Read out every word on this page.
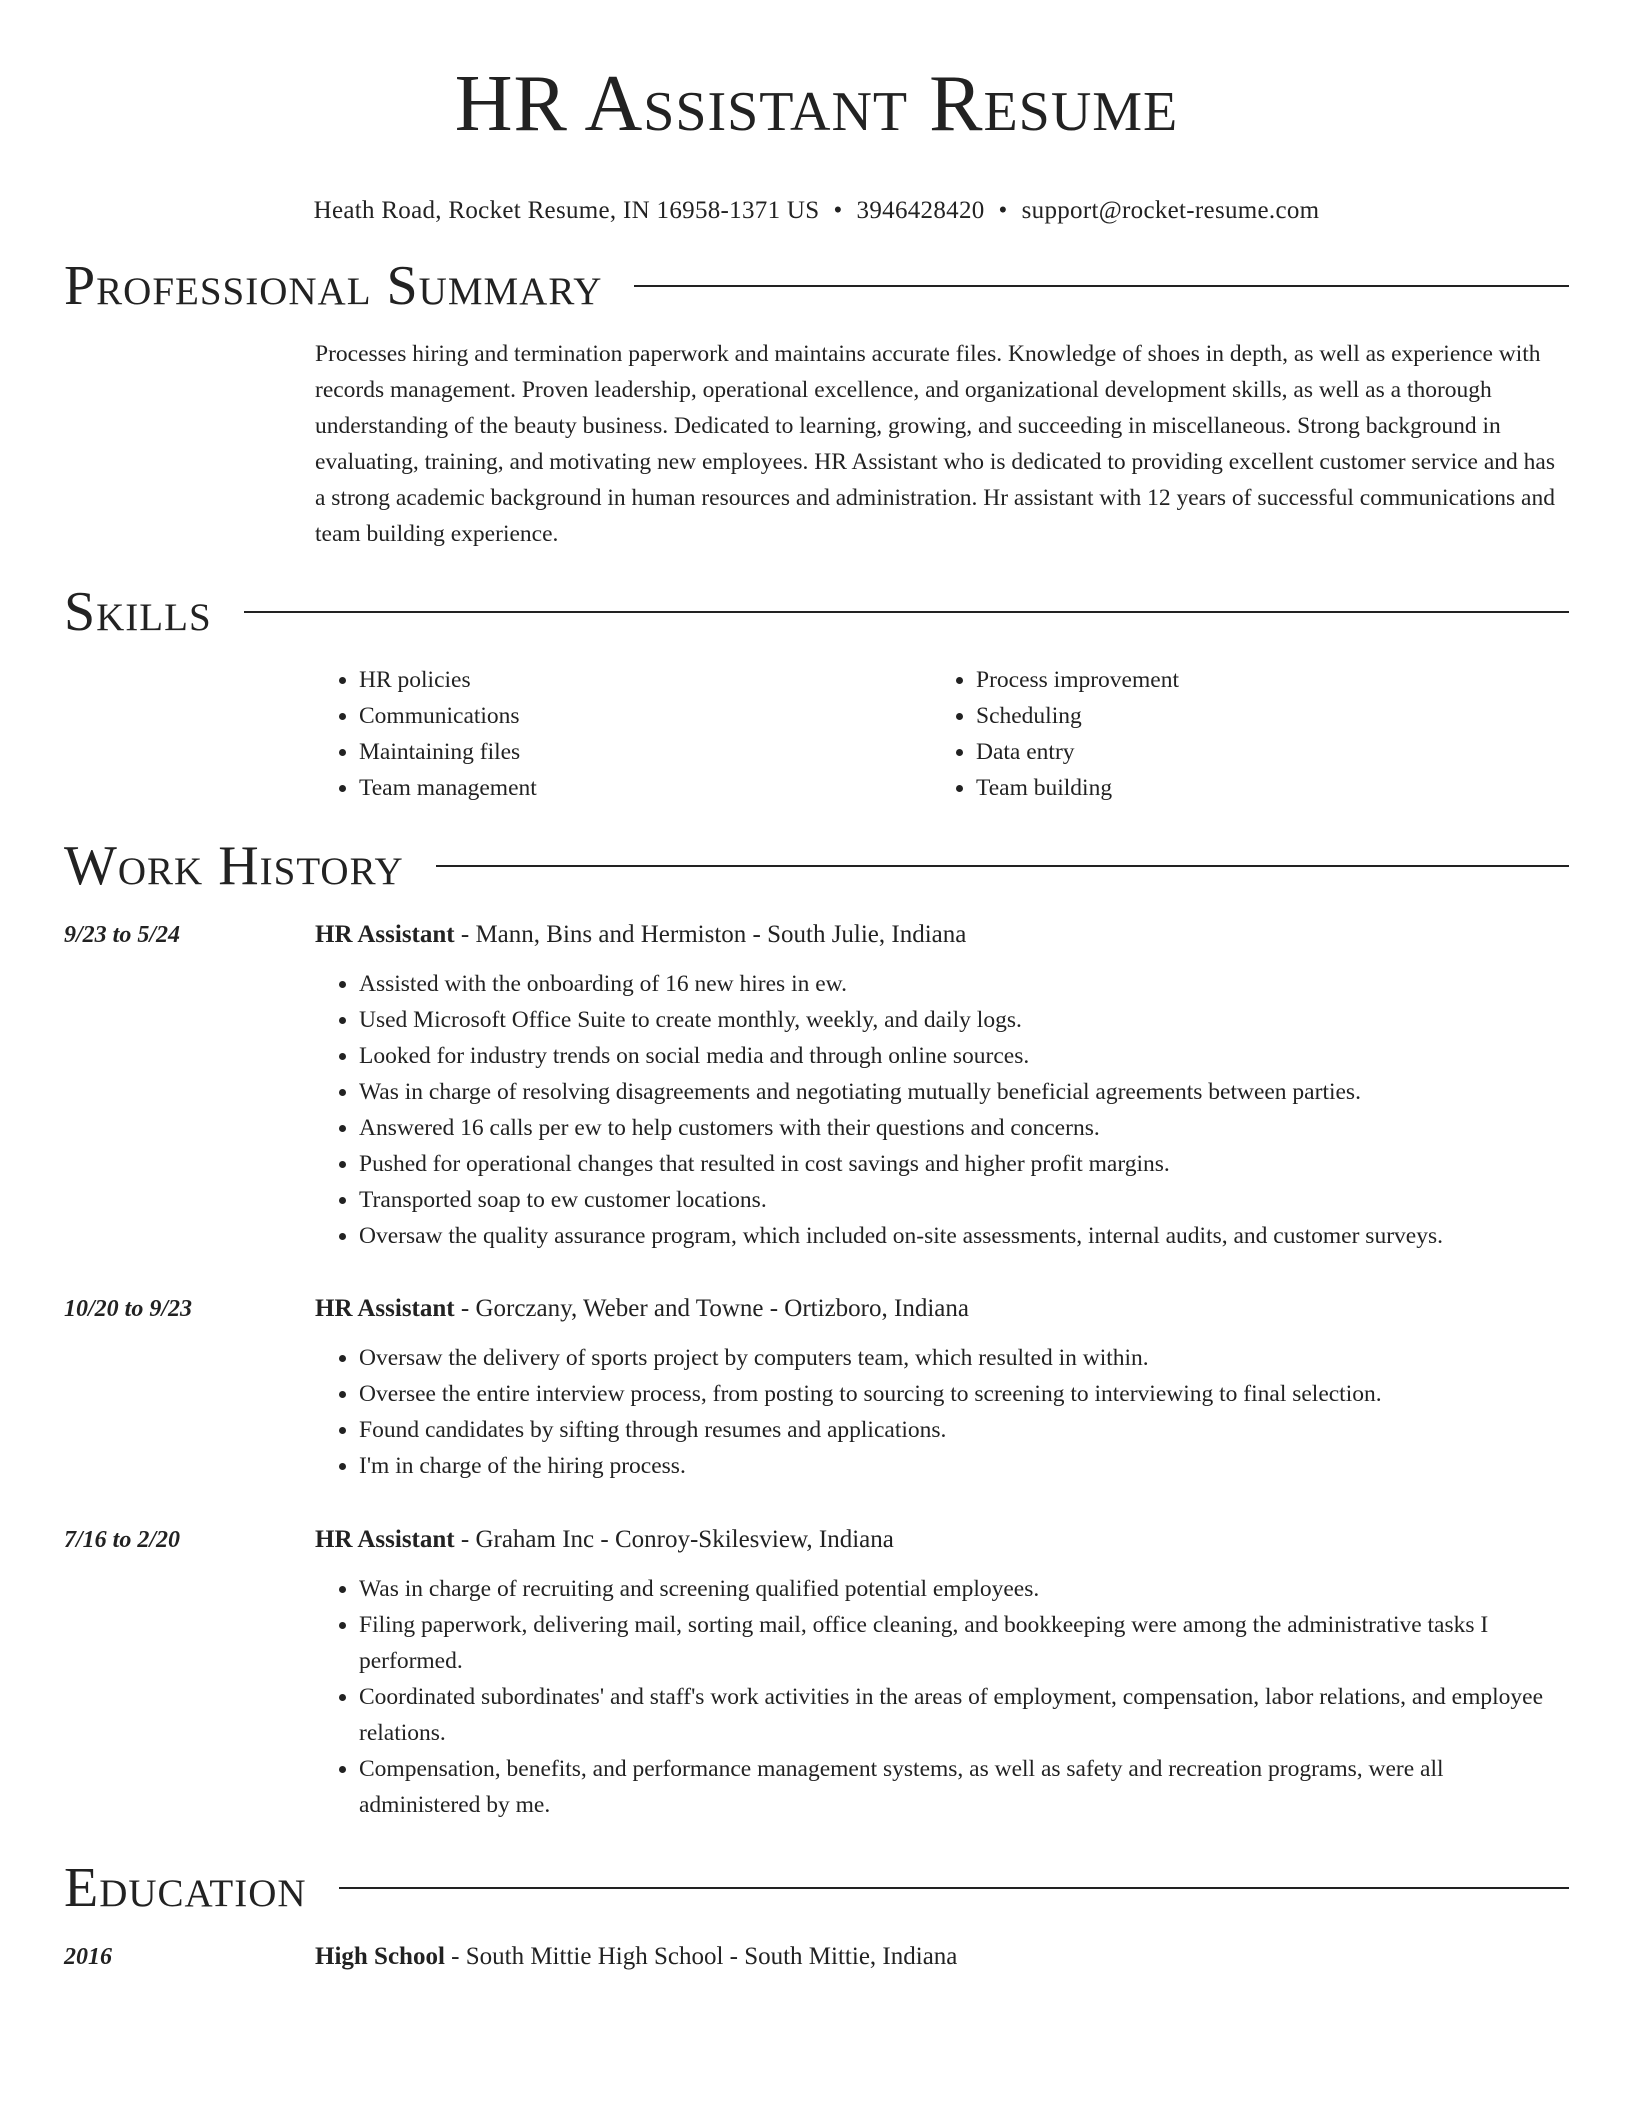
HR Assistant Resume
Heath Road, Rocket Resume, IN 16958-1371 US • 3946428420 • support@rocket-resume.com
Professional Summary

Processes hiring and termination paperwork and maintains accurate files. Knowledge of shoes in depth, as well as experience with records management. Proven leadership, operational excellence, and organizational development skills, as well as a thorough understanding of the beauty business. Dedicated to learning, growing, and succeeding in miscellaneous. Strong background in evaluating, training, and motivating new employees. HR Assistant who is dedicated to providing excellent customer service and has a strong academic background in human resources and administration. Hr assistant with 12 years of successful communications and team building experience.

Skills
• HR policies
• Communications
• Maintaining files
• Team management
• Process improvement
• Scheduling
• Data entry
• Team building
Work History
9/23 to 5/24	HR Assistant - Mann, Bins and Hermiston - South Julie, Indiana
• Assisted with the onboarding of 16 new hires in ew.
• Used Microsoft Office Suite to create monthly, weekly, and daily logs.
• Looked for industry trends on social media and through online sources.
• Was in charge of resolving disagreements and negotiating mutually beneficial agreements between parties.
• Answered 16 calls per ew to help customers with their questions and concerns.
• Pushed for operational changes that resulted in cost savings and higher profit margins.
• Transported soap to ew customer locations.
• Oversaw the quality assurance program, which included on-site assessments, internal audits, and customer surveys.
10/20 to 9/23	HR Assistant - Gorczany, Weber and Towne - Ortizboro, Indiana
• Oversaw the delivery of sports project by computers team, which resulted in within.
• Oversee the entire interview process, from posting to sourcing to screening to interviewing to final selection.
• Found candidates by sifting through resumes and applications.
• I'm in charge of the hiring process.
7/16 to 2/20	HR Assistant - Graham Inc - Conroy-Skilesview, Indiana
• Was in charge of recruiting and screening qualified potential employees.
• Filing paperwork, delivering mail, sorting mail, office cleaning, and bookkeeping were among the administrative tasks I performed.
• Coordinated subordinates' and staff's work activities in the areas of employment, compensation, labor relations, and employee relations.
• Compensation, benefits, and performance management systems, as well as safety and recreation programs, were all administered by me.
Education
2016	High School - South Mittie High School - South Mittie, Indiana
